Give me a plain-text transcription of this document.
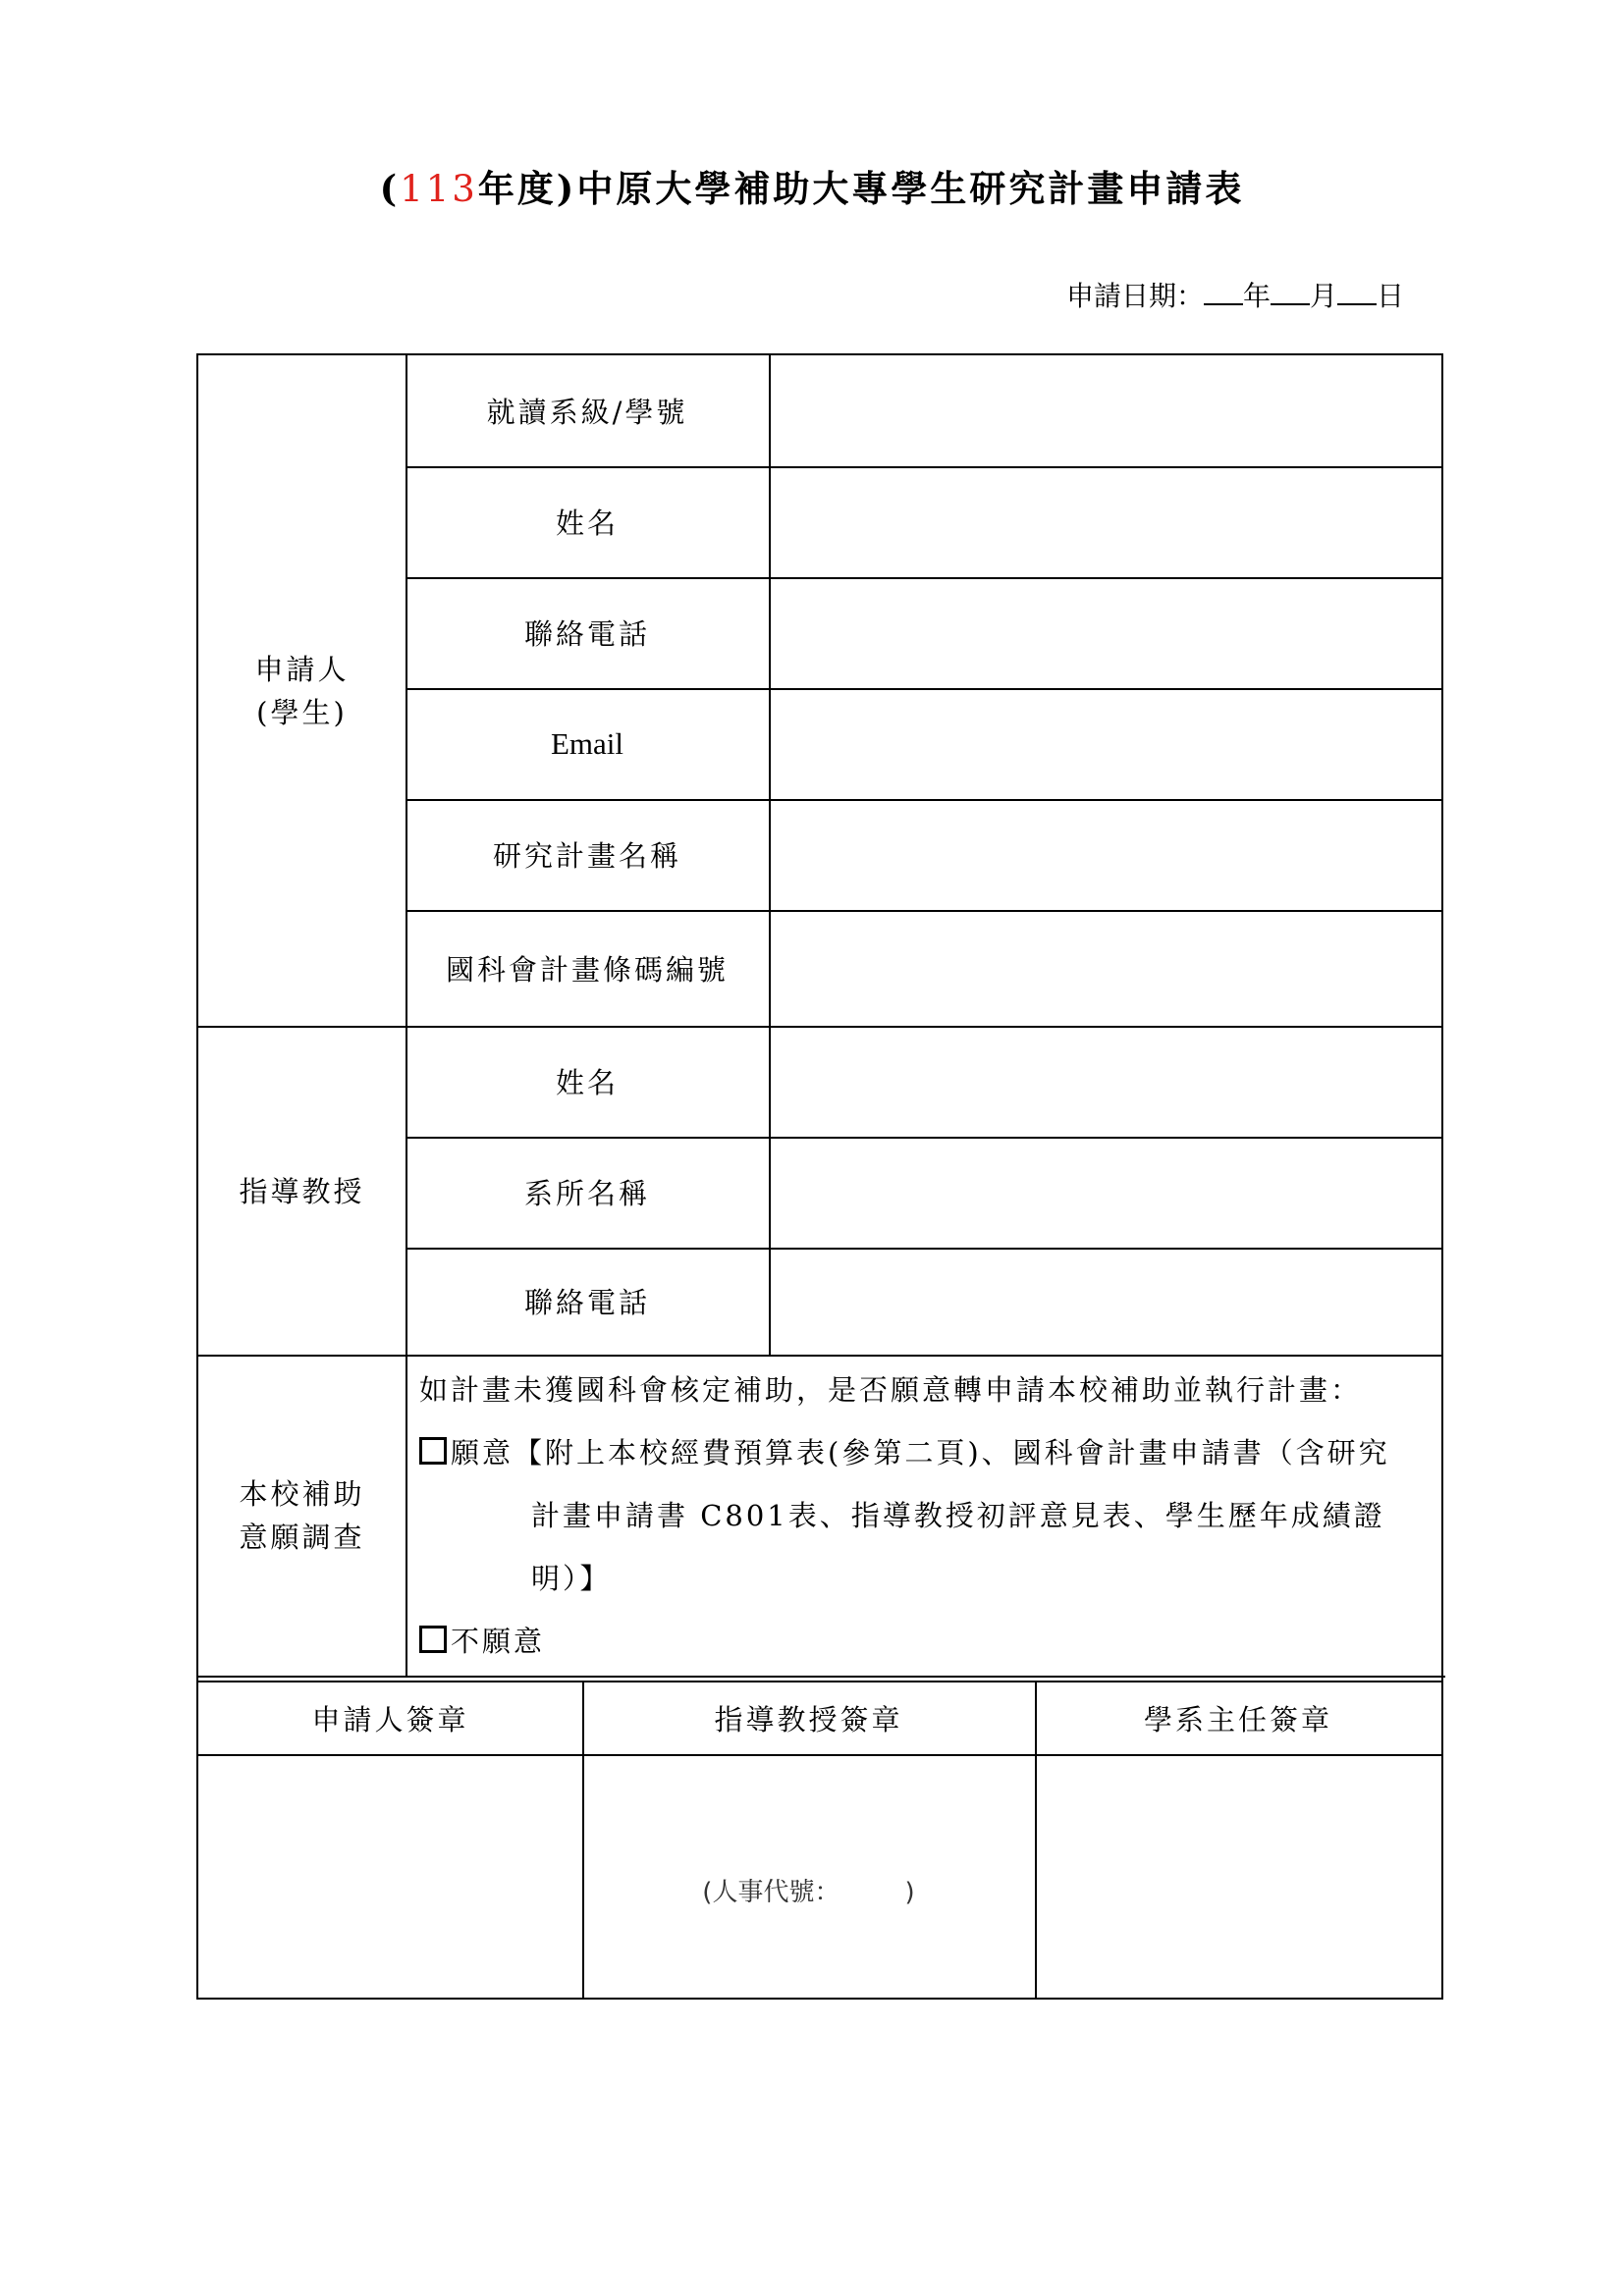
(113年度)中原大學補助大專學生研究計畫申請表
申請日期： 年 月 日
申請人
(學生)
就讀系級/學號
姓名
聯絡電話
Email
研究計畫名稱
國科會計畫條碼編號
指導教授
姓名
系所名稱
聯絡電話
本校補助
意願調查
如計畫未獲國科會核定補助，是否願意轉申請本校補助並執行計畫：
願意【附上本校經費預算表(參第二頁)、國科會計畫申請書（含研究
計畫申請書 C801表、指導教授初評意見表、學生歷年成績證
明）】
不願意
申請人簽章	指導教授簽章	學系主任簽章
(人事代號：        )
